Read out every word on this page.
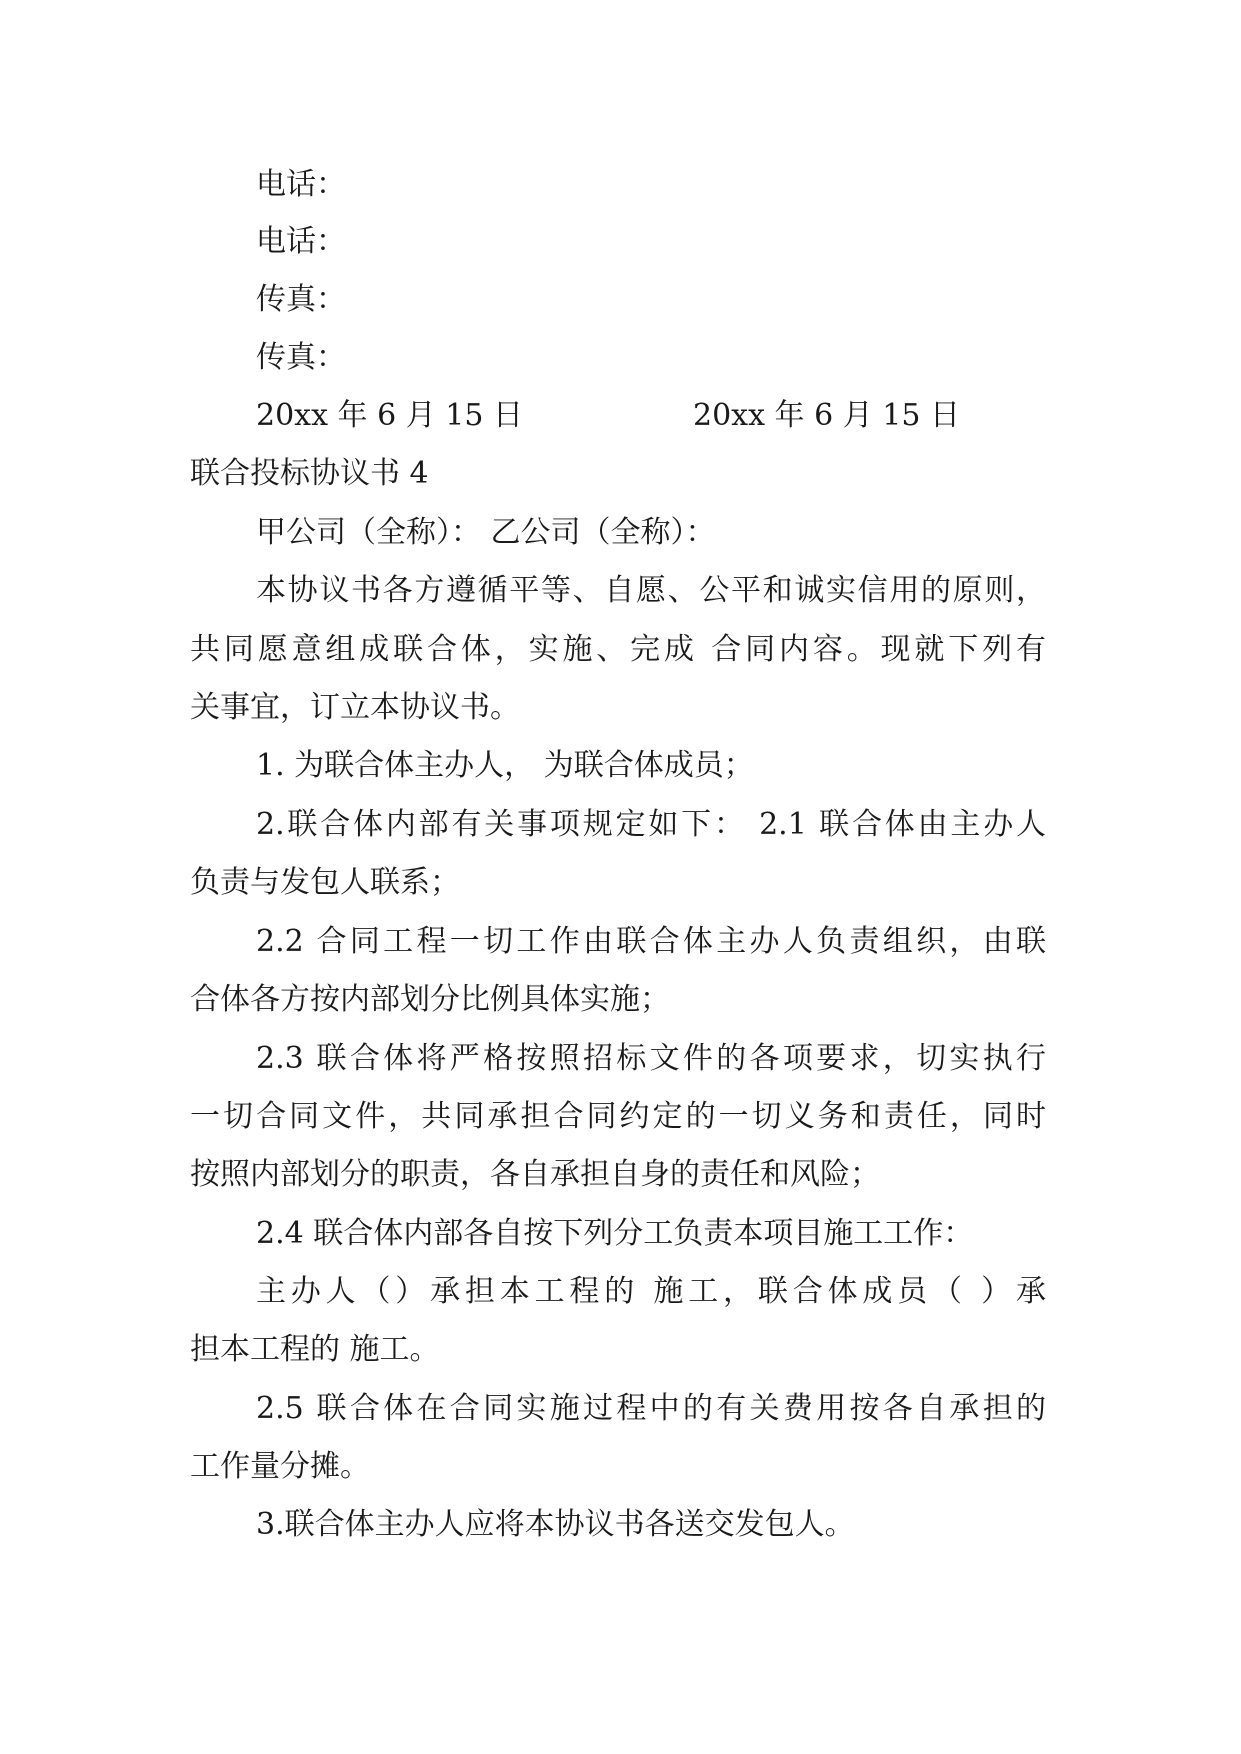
电话：
电话：
传真：
传真：
20xx 年 6 月 15 日	20xx 年 6 月 15 日
联合投标协议书 4
甲公司（全称）： 乙公司（全称）：
本协议书各方遵循平等、自愿、公平和诚实信用的原则，
共同愿意组成联合体，实施、完成 合同内容。现就下列有
关事宜，订立本协议书。
1. 为联合体主办人， 为联合体成员；
2.联合体内部有关事项规定如下： 2.1 联合体由主办人
负责与发包人联系；
2.2 合同工程一切工作由联合体主办人负责组织，由联
合体各方按内部划分比例具体实施；
2.3 联合体将严格按照招标文件的各项要求，切实执行
一切合同文件，共同承担合同约定的一切义务和责任，同时
按照内部划分的职责，各自承担自身的责任和风险；
2.4 联合体内部各自按下列分工负责本项目施工工作：
主办人（）承担本工程的 施工，联合体成员（ ）承
担本工程的 施工。
2.5 联合体在合同实施过程中的有关费用按各自承担的
工作量分摊。
3.联合体主办人应将本协议书各送交发包人。
